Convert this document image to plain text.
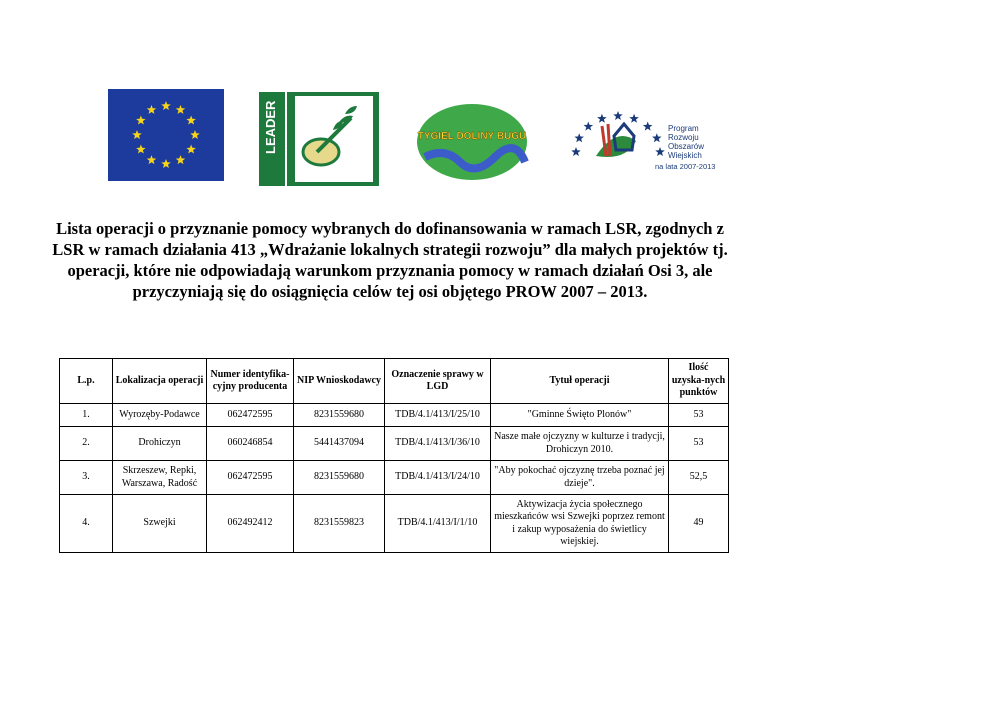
LEADER	TYGIEL DOLINY BUGU
Program
Rozwoju
Obszarów
Wiejskich
na lata 2007-2013
Lista operacji o przyznanie pomocy wybranych do dofinansowania w ramach LSR, zgodnych z LSR w ramach działania 413 „Wdrażanie lokalnych strategii rozwoju” dla małych projektów tj. operacji, które nie odpowiadają warunkom przyznania pomocy w ramach działań Osi 3, ale przyczyniają się do osiągnięcia celów tej osi objętego PROW 2007 – 2013.
L.p.	Lokalizacja operacji	Numer identyfika-cyjny producenta	NIP Wnioskodawcy	Oznaczenie sprawy w LGD	Tytuł operacji	Ilość uzyska-nych punktów
1.	Wyrozęby-Podawce	062472595	8231559680	TDB/4.1/413/I/25/10	"Gminne Święto Plonów"	53
2.	Drohiczyn	060246854	5441437094	TDB/4.1/413/I/36/10	Nasze małe ojczyzny w kulturze i tradycji, Drohiczyn 2010.	53
3.	Skrzeszew, Repki, Warszawa, Radość	062472595	8231559680	TDB/4.1/413/I/24/10	"Aby pokochać ojczyznę trzeba poznać jej dzieje".	52,5
4.	Szwejki	062492412	8231559823	TDB/4.1/413/I/1/10	Aktywizacja życia społecznego mieszkańców wsi Szwejki poprzez remont i zakup wyposażenia do świetlicy wiejskiej.	49
